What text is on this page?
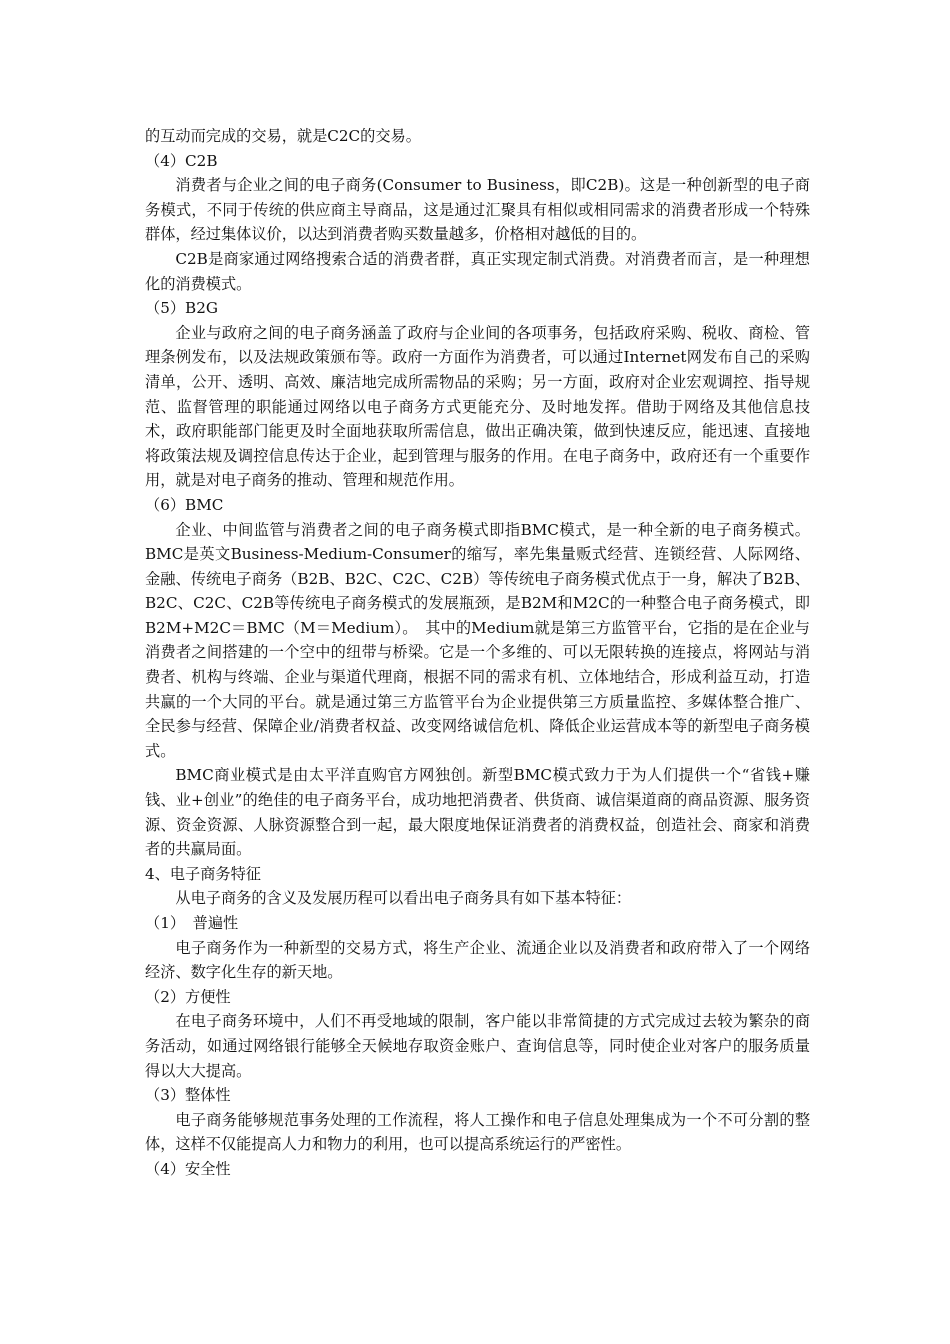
的互动而完成的交易，就是C2C的交易。

（4）C2B

消费者与企业之间的电子商务(Consumer to Business，即C2B)。这是一种创新型的电子商务模式，不同于传统的供应商主导商品，这是通过汇聚具有相似或相同需求的消费者形成一个特殊群体，经过集体议价，以达到消费者购买数量越多，价格相对越低的目的。

C2B是商家通过网络搜索合适的消费者群，真正实现定制式消费。对消费者而言，是一种理想化的消费模式。

（5）B2G

企业与政府之间的电子商务涵盖了政府与企业间的各项事务，包括政府采购、税收、商检、管理条例发布，以及法规政策颁布等。政府一方面作为消费者，可以通过Internet网发布自己的采购清单，公开、透明、高效、廉洁地完成所需物品的采购；另一方面，政府对企业宏观调控、指导规范、监督管理的职能通过网络以电子商务方式更能充分、及时地发挥。借助于网络及其他信息技术，政府职能部门能更及时全面地获取所需信息，做出正确决策，做到快速反应，能迅速、直接地将政策法规及调控信息传达于企业，起到管理与服务的作用。在电子商务中，政府还有一个重要作用，就是对电子商务的推动、管理和规范作用。

（6）BMC

企业、中间监管与消费者之间的电子商务模式即指BMC模式，是一种全新的电子商务模式。BMC是英文Business-Medium-Consumer的缩写，率先集量贩式经营、连锁经营、人际网络、金融、传统电子商务（B2B、B2C、C2C、C2B）等传统电子商务模式优点于一身，解决了B2B、B2C、C2C、C2B等传统电子商务模式的发展瓶颈，是B2M和M2C的一种整合电子商务模式，即B2M+M2C＝BMC（M＝Medium）。　其中的Medium就是第三方监管平台，它指的是在企业与消费者之间搭建的一个空中的纽带与桥梁。它是一个多维的、可以无限转换的连接点，将网站与消费者、机构与终端、企业与渠道代理商，根据不同的需求有机、立体地结合，形成利益互动，打造共赢的一个大同的平台。就是通过第三方监管平台为企业提供第三方质量监控、多媒体整合推广、全民参与经营、保障企业/消费者权益、改变网络诚信危机、降低企业运营成本等的新型电子商务模式。

BMC商业模式是由太平洋直购官方网独创。新型BMC模式致力于为人们提供一个“省钱+赚钱、业+创业”的绝佳的电子商务平台，成功地把消费者、供货商、诚信渠道商的商品资源、服务资源、资金资源、人脉资源整合到一起，最大限度地保证消费者的消费权益，创造社会、商家和消费者的共赢局面。

4、电子商务特征

从电子商务的含义及发展历程可以看出电子商务具有如下基本特征：

（1）　普遍性

电子商务作为一种新型的交易方式，将生产企业、流通企业以及消费者和政府带入了一个网络经济、数字化生存的新天地。

（2）方便性

在电子商务环境中，人们不再受地域的限制，客户能以非常简捷的方式完成过去较为繁杂的商务活动，如通过网络银行能够全天候地存取资金账户、查询信息等，同时使企业对客户的服务质量得以大大提高。

（3）整体性

电子商务能够规范事务处理的工作流程，将人工操作和电子信息处理集成为一个不可分割的整体，这样不仅能提高人力和物力的利用，也可以提高系统运行的严密性。

（4）安全性
